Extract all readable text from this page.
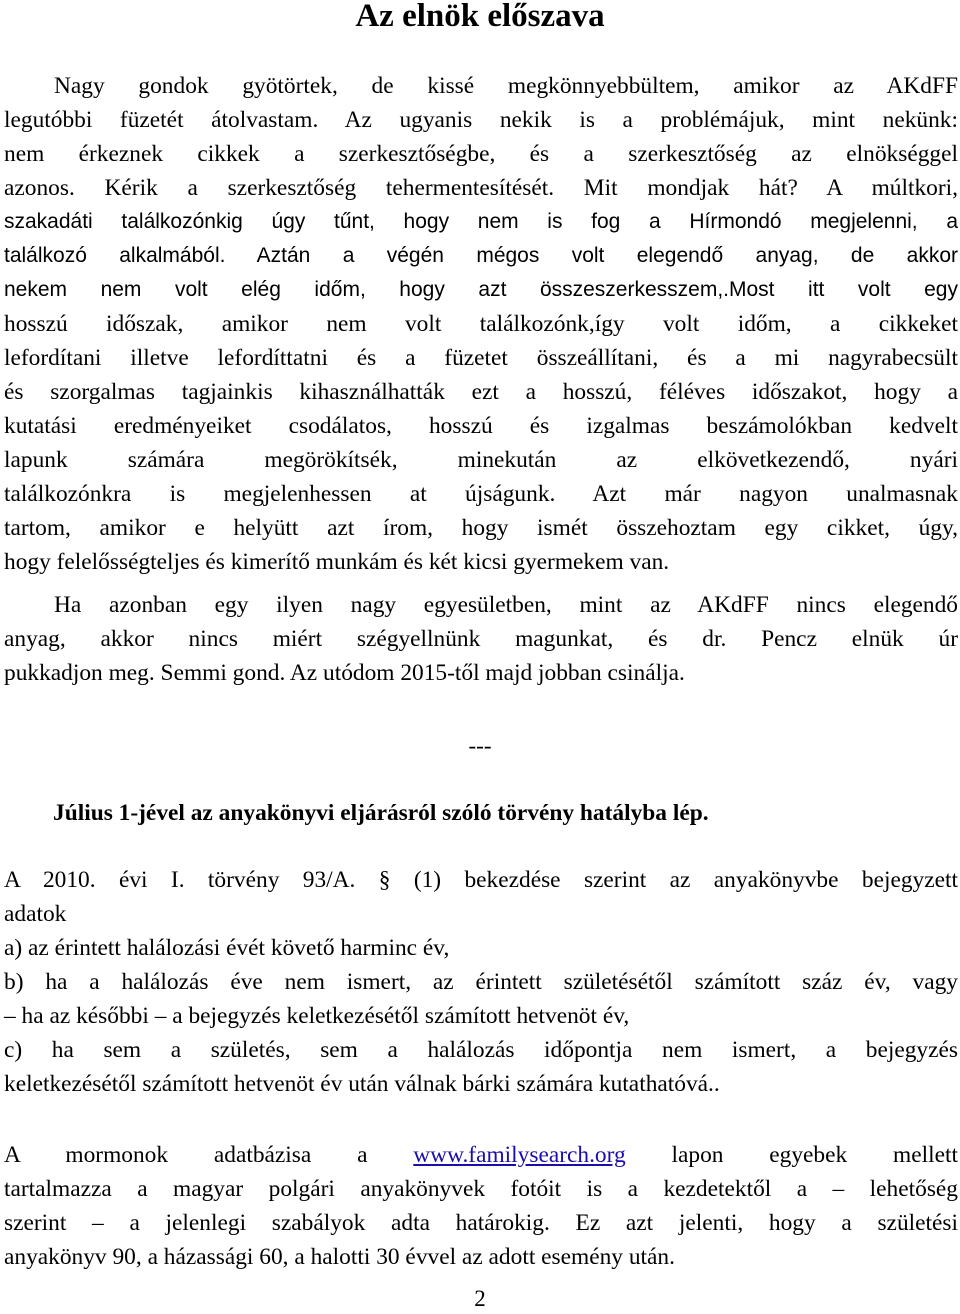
Az elnök előszava
Nagy gondok gyötörtek, de kissé megkönnyebbültem, amikor az AKdFF
legutóbbi füzetét átolvastam. Az ugyanis nekik is a problémájuk, mint nekünk:
nem érkeznek cikkek a szerkesztőségbe, és a szerkesztőség az elnökséggel
azonos. Kérik a szerkesztőség tehermentesítését. Mit mondjak hát? A múltkori,
szakadáti találkozónkig úgy tűnt, hogy nem is fog a Hírmondó megjelenni, a
találkozó alkalmából. Aztán a végén mégos volt elegendő anyag, de akkor
nekem nem volt elég időm, hogy azt összeszerkesszem,.Most itt volt egy
hosszú időszak, amikor nem volt találkozónk,így volt időm, a cikkeket
lefordítani illetve lefordíttatni és a füzetet összeállítani, és a mi nagyrabecsült
és szorgalmas tagjainkis kihasználhatták ezt a hosszú, féléves időszakot, hogy a
kutatási eredményeiket csodálatos, hosszú és izgalmas beszámolókban kedvelt
lapunk számára megörökítsék, minekután az elkövetkezendő, nyári
találkozónkra is megjelenhessen at újságunk. Azt már nagyon unalmasnak
tartom, amikor e helyütt azt írom, hogy ismét összehoztam egy cikket, úgy,
hogy felelősségteljes és kimerítő munkám és két kicsi gyermekem van.
Ha azonban egy ilyen nagy egyesületben, mint az AKdFF nincs elegendő
anyag, akkor nincs miért szégyellnünk magunkat, és dr. Pencz elnük úr
pukkadjon meg. Semmi gond. Az utódom 2015-től majd jobban csinálja.
---
Július 1-jével az anyakönyvi eljárásról szóló törvény hatályba lép.
A 2010. évi I. törvény 93/A. § (1) bekezdése szerint az anyakönyvbe bejegyzett
adatok
a) az érintett halálozási évét követő harminc év,
b) ha a halálozás éve nem ismert, az érintett születésétől számított száz év, vagy
– ha az későbbi – a bejegyzés keletkezésétől számított hetvenöt év,
c) ha sem a születés, sem a halálozás időpontja nem ismert, a bejegyzés
keletkezésétől számított hetvenöt év után válnak bárki számára kutathatóvá..
A mormonok adatbázisa a www.familysearch.org lapon egyebek mellett
tartalmazza a magyar polgári anyakönyvek fotóit is a kezdetektől a – lehetőség
szerint – a jelenlegi szabályok adta határokig. Ez azt jelenti, hogy a születési
anyakönyv 90, a házassági 60, a halotti 30 évvel az adott esemény után.
2
